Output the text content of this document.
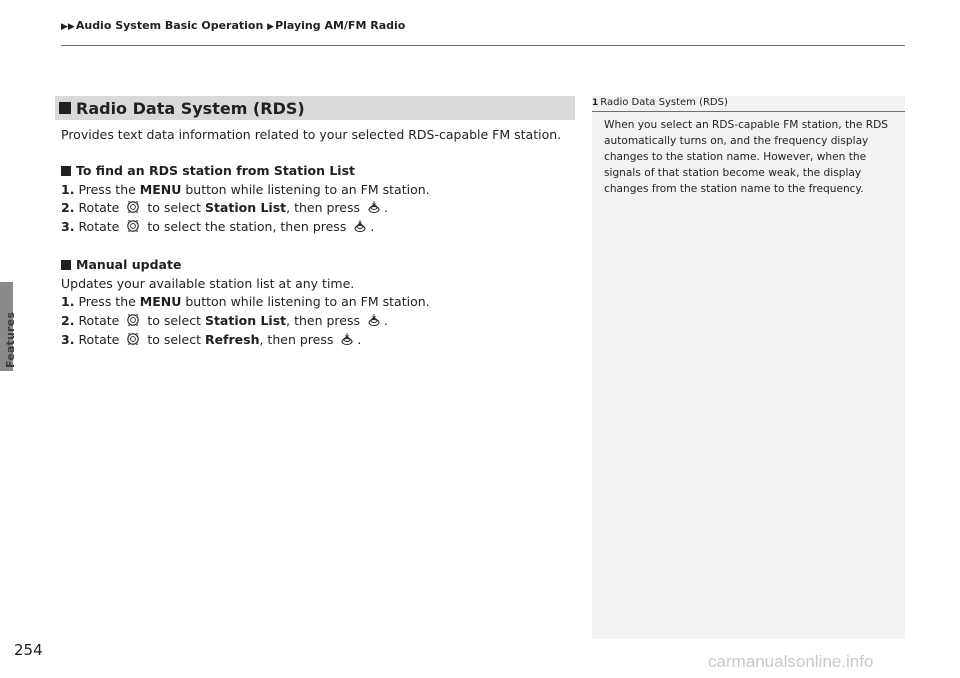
▶▶Audio System Basic Operation ▶Playing AM/FM Radio
Features
Radio Data System (RDS)
Provides text data information related to your selected RDS-capable FM station.
To find an RDS station from Station List
1. Press the MENU button while listening to an FM station.
2. Rotate  to select Station List, then press .
3. Rotate  to select the station, then press .
Manual update
Updates your available station list at any time.
1. Press the MENU button while listening to an FM station.
2. Rotate  to select Station List, then press .
3. Rotate  to select Refresh, then press .
1 Radio Data System (RDS)
When you select an RDS-capable FM station, the RDS automatically turns on, and the frequency display changes to the station name. However, when the signals of that station become weak, the display changes from the station name to the frequency.
254
carmanualsonline.info
